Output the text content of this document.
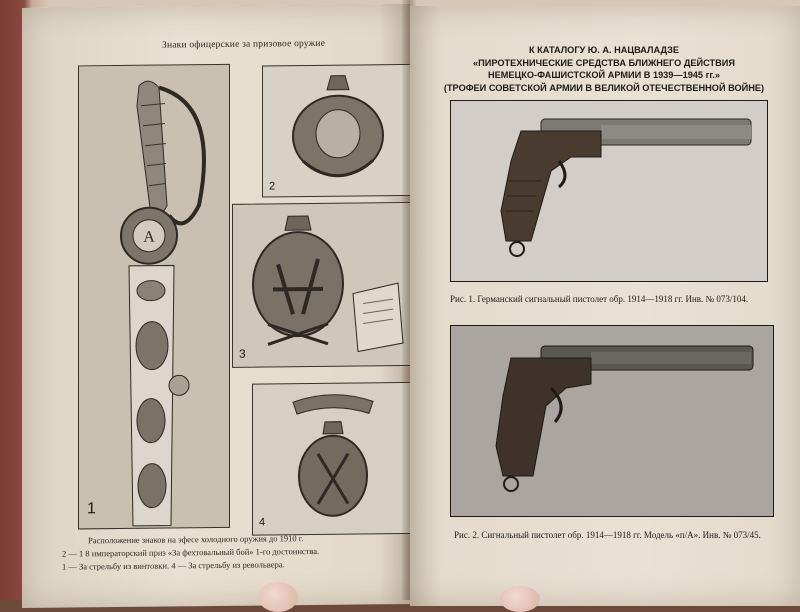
Знаки офицерские за призовое оружие
A
1
2
3
4
Расположение знаков на эфесе холодного оружия до 1910 г.
2 — 1 8 императорский приз «За фехтовальный бой» 1-го достоинства.
1 — За стрельбу из винтовки. 4 — За стрельбу из револьвера.
К КАТАЛОГУ Ю. А. НАЦВАЛАДЗЕ
«ПИРОТЕХНИЧЕСКИЕ СРЕДСТВА БЛИЖНЕГО ДЕЙСТВИЯ
НЕМЕЦКО-ФАШИСТСКОЙ АРМИИ В 1939—1945 гг.»
(ТРОФЕИ СОВЕТСКОЙ АРМИИ В ВЕЛИКОЙ ОТЕЧЕСТВЕННОЙ ВОЙНЕ)
Рис. 1. Германский сигнальный пистолет обр. 1914—1918 гг. Инв. № 073/104.
Рис. 2. Сигнальный пистолет обр. 1914—1918 гг. Модель «п/А». Инв. № 073/45.
